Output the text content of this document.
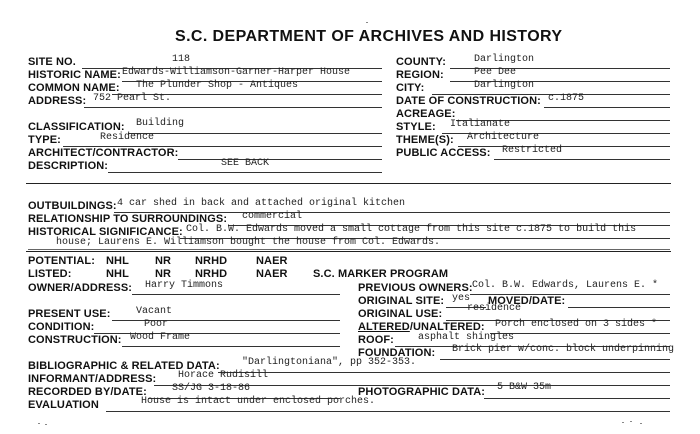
S.C. DEPARTMENT OF ARCHIVES AND HISTORY
SITE NO.	118
HISTORIC NAME: Edwards-Williamson-Garner-Harper House
COMMON NAME: The Plunder Shop - Antiques
ADDRESS: 752 Pearl St.
CLASSIFICATION: Building
TYPE:	Residence
ARCHITECT/CONTRACTOR:
DESCRIPTION:	SEE BACK
COUNTY:	Darlington
REGION:	Pee Dee
CITY:	Darlington
DATE OF CONSTRUCTION: c.1875
ACREAGE:
STYLE: Italianate
THEME(S): Architecture
PUBLIC ACCESS: Restricted
OUTBUILDINGS: 4 car shed in back and attached original kitchen
RELATIONSHIP TO SURROUNDINGS: commercial
HISTORICAL SIGNIFICANCE: Col. B.W. Edwards moved a small cottage from this site c.1875 to build this
house; Laurens E. Williamson bought the house from Col. Edwards.
POTENTIAL: NHL NR NRHD	NAER
LISTED:	NHL NR NRHD	NAER S.C. MARKER PROGRAM
OWNER/ADDRESS: Harry Timmons	PREVIOUS OWNERS: Col. B.W. Edwards, Laurens E. *
ORIGINAL SITE: yes MOVED/DATE:
PRESENT USE:	Vacant	ORIGINAL USE: residence
CONDITION:	Poor	ALTERED/UNALTERED: Porch enclosed on 3 sides *
CONSTRUCTION: Wood Frame	ROOF: asphalt shingles
FOUNDATION: Brick pier w/conc. block underpinning
BIBLIOGRAPHIC & RELATED DATA: "Darlingtoniana", pp 352-353.
INFORMANT/ADDRESS: Horace Rudisill
RECORDED BY/DATE:	SS/JG 3-18-86	PHOTOGRAPHIC DATA: 5 B&W 35m
EVALUATION	House is intact under enclosed porches.
